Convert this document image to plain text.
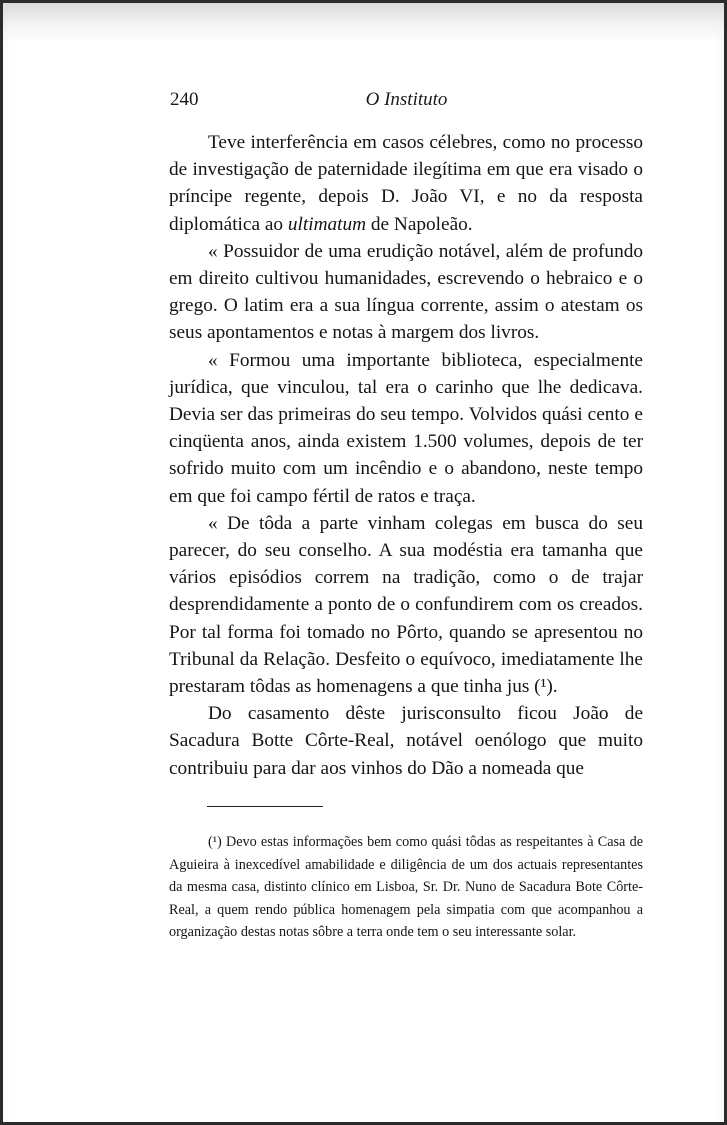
240	O Instituto

Teve interferência em casos célebres, como no processo de investigação de paternidade ilegítima em que era visado o príncipe regente, depois D. João VI, e no da resposta diplomática ao ultimatum de Napoleão.

« Possuidor de uma erudição notável, além de profundo em direito cultivou humanidades, escrevendo o hebraico e o grego. O latim era a sua língua corrente, assim o atestam os seus apontamentos e notas à margem dos livros.

« Formou uma importante biblioteca, especialmente jurídica, que vinculou, tal era o carinho que lhe dedicava. Devia ser das primeiras do seu tempo. Volvidos quási cento e cinqüenta anos, ainda existem 1.500 volumes, depois de ter sofrido muito com um incêndio e o abandono, neste tempo em que foi campo fértil de ratos e traça.

« De tôda a parte vinham colegas em busca do seu parecer, do seu conselho. A sua modéstia era tamanha que vários episódios correm na tradição, como o de trajar desprendidamente a ponto de o confundirem com os creados. Por tal forma foi tomado no Pôrto, quando se apresentou no Tribunal da Relação. Desfeito o equívoco, imediatamente lhe prestaram tôdas as homenagens a que tinha jus (¹).

Do casamento dêste jurisconsulto ficou João de Sacadura Botte Côrte-Real, notável oenólogo que muito contribuiu para dar aos vinhos do Dão a nomeada que

(¹) Devo estas informações bem como quási tôdas as respeitantes à Casa de Aguieira à inexcedível amabilidade e diligência de um dos actuais representantes da mesma casa, distinto clínico em Lisboa, Sr. Dr. Nuno de Sacadura Bote Côrte-Real, a quem rendo pública homenagem pela simpatia com que acompanhou a organização destas notas sôbre a terra onde tem o seu interessante solar.
